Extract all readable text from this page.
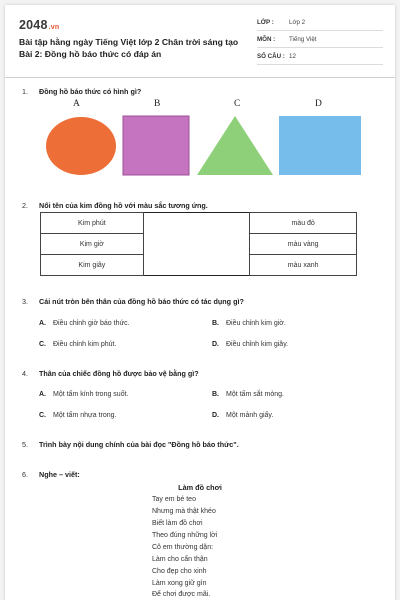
2048.vn
Bài tập hằng ngày Tiếng Việt lớp 2 Chân trời sáng tạo Bài 2: Đồng hồ báo thức có đáp án
LỚP : Lớp 2
MÔN : Tiếng Việt
SỐ CÂU : 12
1. Đồng hồ báo thức có hình gì?
A	B	C	D
2. Nối tên của kim đồng hồ với màu sắc tương ứng.
Kim phút		màu đỏ
Kim giờ		màu vàng
Kim giây		màu xanh
3. Cái nút tròn bên thân của đồng hồ báo thức có tác dụng gì?
A. Điều chỉnh giờ báo thức.	B. Điều chỉnh kim giờ.
C. Điều chỉnh kim phút.	D. Điều chỉnh kim giây.
4. Thân của chiếc đồng hồ được bảo vệ bằng gì?
A. Một tấm kính trong suốt.	B. Một tấm sắt mỏng.
C. Một tấm nhựa trong.	D. Một mảnh giấy.
5. Trình bày nội dung chính của bài đọc "Đồng hồ báo thức".
6. Nghe – viết:
Làm đồ chơi
Tay em bé teo
Nhưng mà thật khéo
Biết làm đồ chơi
Theo đúng những lời
Cô em thường dặn:
Làm cho cẩn thận
Cho đẹp cho xinh
Làm xong giữ gìn
Để chơi được mãi.
